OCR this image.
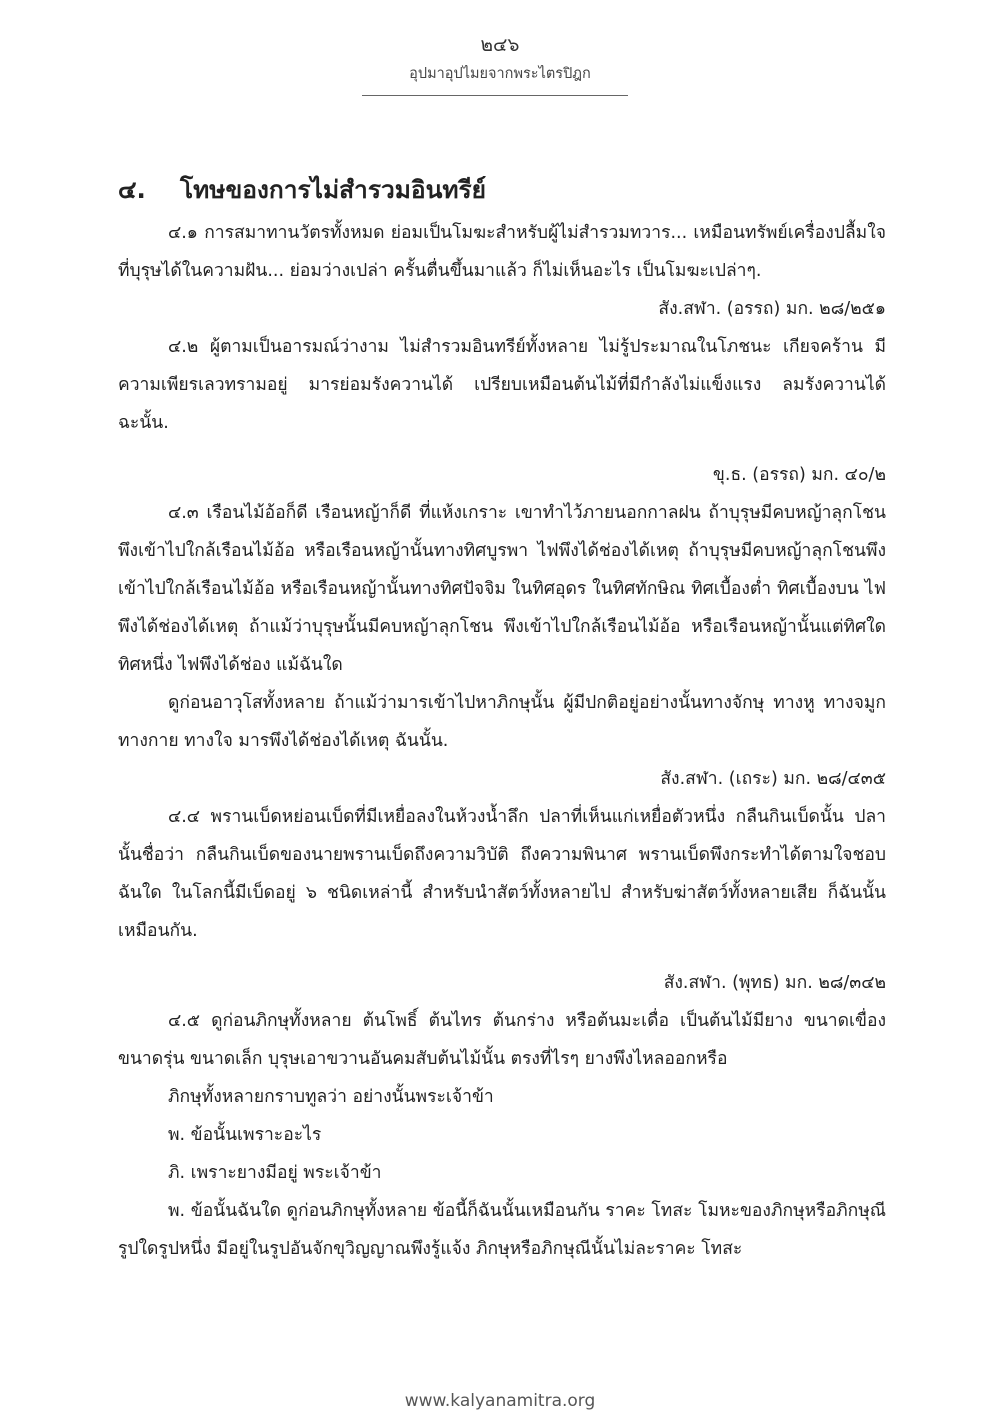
๒๔๖
อุปมาอุปไมยจากพระไตรปิฎก
๔.	โทษของการไม่สำรวมอินทรีย์

๔.๑ การสมาทานวัตรทั้งหมด ย่อมเป็นโมฆะสำหรับผู้ไม่สำรวมทวาร... เหมือนทรัพย์เครื่องปลื้มใจที่บุรุษได้ในความฝัน... ย่อมว่างเปล่า ครั้นตื่นขึ้นมาแล้ว ก็ไม่เห็นอะไร เป็นโมฆะเปล่าๆ.

สัง.สฬา. (อรรถ) มก. ๒๘/๒๕๑

๔.๒ ผู้ตามเป็นอารมณ์ว่างาม ไม่สำรวมอินทรีย์ทั้งหลาย ไม่รู้ประมาณในโภชนะ เกียจคร้าน มีความเพียรเลวทรามอยู่ มารย่อมรังควานได้ เปรียบเหมือนต้นไม้ที่มีกำลังไม่แข็งแรง ลมรังควานได้ ฉะนั้น.

ขุ.ธ. (อรรถ) มก. ๔๐/๒

๔.๓ เรือนไม้อ้อก็ดี เรือนหญ้าก็ดี ที่แห้งเกราะ เขาทำไว้ภายนอกกาลฝน ถ้าบุรุษมีคบหญ้าลุกโชน พึงเข้าไปใกล้เรือนไม้อ้อ หรือเรือนหญ้านั้นทางทิศบูรพา ไฟพึงได้ช่องได้เหตุ ถ้าบุรุษมีคบหญ้าลุกโชนพึงเข้าไปใกล้เรือนไม้อ้อ หรือเรือนหญ้านั้นทางทิศปัจจิม ในทิศอุดร ในทิศทักษิณ ทิศเบื้องต่ำ ทิศเบื้องบน ไฟพึงได้ช่องได้เหตุ ถ้าแม้ว่าบุรุษนั้นมีคบหญ้าลุกโชน พึงเข้าไปใกล้เรือนไม้อ้อ หรือเรือนหญ้านั้นแต่ทิศใดทิศหนึ่ง ไฟพึงได้ช่อง แม้ฉันใด

ดูก่อนอาวุโสทั้งหลาย ถ้าแม้ว่ามารเข้าไปหาภิกษุนั้น ผู้มีปกติอยู่อย่างนั้นทางจักษุ ทางหู ทางจมูก ทางกาย ทางใจ มารพึงได้ช่องได้เหตุ ฉันนั้น.

สัง.สฬา. (เถระ) มก. ๒๘/๔๓๕

๔.๔ พรานเบ็ดหย่อนเบ็ดที่มีเหยื่อลงในห้วงน้ำลึก ปลาที่เห็นแก่เหยื่อตัวหนึ่ง กลืนกินเบ็ดนั้น ปลานั้นชื่อว่า กลืนกินเบ็ดของนายพรานเบ็ดถึงความวิบัติ ถึงความพินาศ พรานเบ็ดพึงกระทำได้ตามใจชอบ ฉันใด ในโลกนี้มีเบ็ดอยู่ ๖ ชนิดเหล่านี้ สำหรับนำสัตว์ทั้งหลายไป สำหรับฆ่าสัตว์ทั้งหลายเสีย ก็ฉันนั้นเหมือนกัน.

สัง.สฬา. (พุทธ) มก. ๒๘/๓๔๒

๔.๕ ดูก่อนภิกษุทั้งหลาย ต้นโพธิ์ ต้นไทร ต้นกร่าง หรือต้นมะเดื่อ เป็นต้นไม้มียาง ขนาดเขื่อง ขนาดรุ่น ขนาดเล็ก บุรุษเอาขวานอันคมสับต้นไม้นั้น ตรงที่ไรๆ ยางพึงไหลออกหรือ

ภิกษุทั้งหลายกราบทูลว่า อย่างนั้นพระเจ้าข้า

พ. ข้อนั้นเพราะอะไร

ภิ. เพราะยางมีอยู่ พระเจ้าข้า

พ. ข้อนั้นฉันใด ดูก่อนภิกษุทั้งหลาย ข้อนี้ก็ฉันนั้นเหมือนกัน ราคะ โทสะ โมหะของภิกษุหรือภิกษุณีรูปใดรูปหนึ่ง มีอยู่ในรูปอันจักขุวิญญาณพึงรู้แจ้ง ภิกษุหรือภิกษุณีนั้นไม่ละราคะ โทสะ

www.kalyanamitra.org
